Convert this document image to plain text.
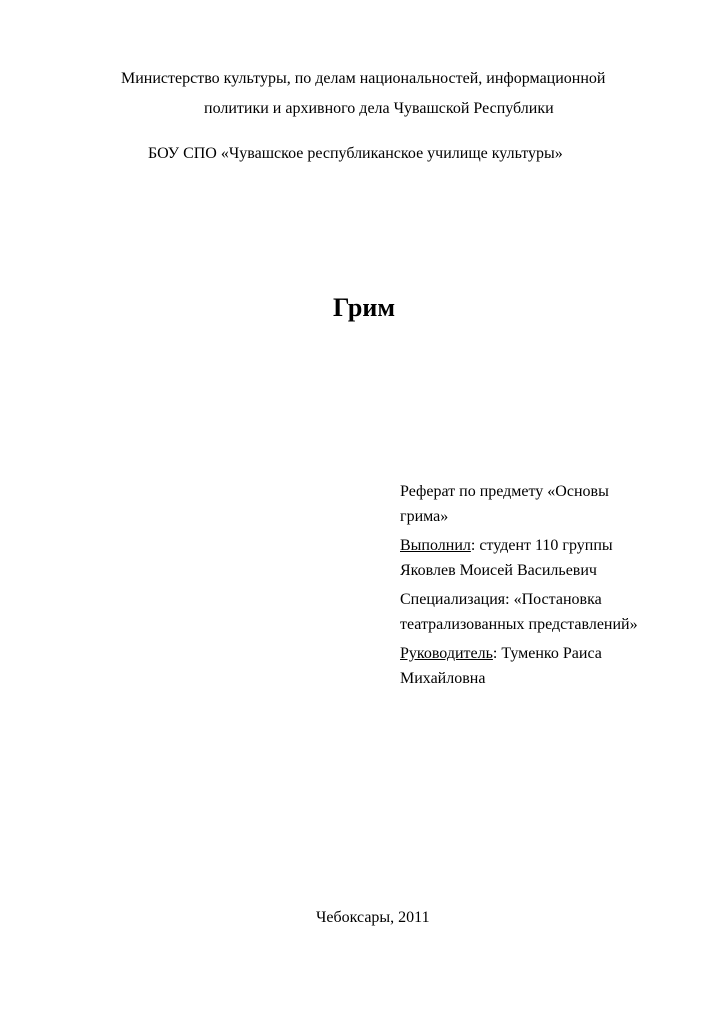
Министерство культуры, по делам национальностей, информационной
политики и архивного дела Чувашской Республики
БОУ СПО «Чувашское республиканское училище культуры»
Грим

Реферат по предмету «Основы
грима»

Выполнил: студент 110 группы
Яковлев Моисей Васильевич

Специализация: «Постановка
театрализованных представлений»

Руководитель: Туменко Раиса
Михайловна

Чебоксары, 2011
